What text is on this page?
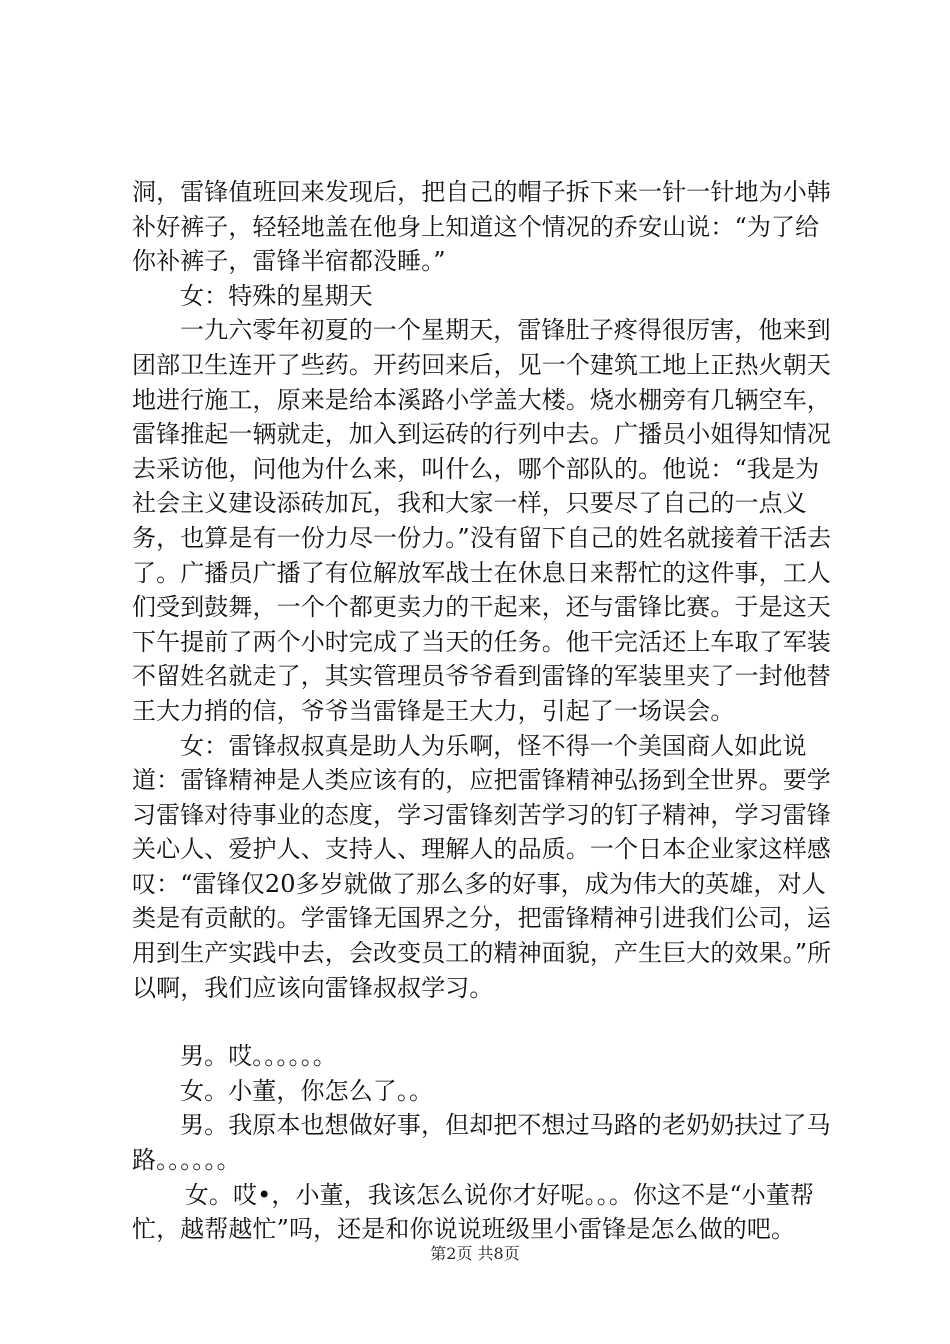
洞，雷锋值班回来发现后，把自己的帽子拆下来一针一针地为小韩补好裤子，轻轻地盖在他身上知道这个情况的乔安山说：“为了给你补裤子，雷锋半宿都没睡。”

女：特殊的星期天

一九六零年初夏的一个星期天，雷锋肚子疼得很厉害，他来到团部卫生连开了些药。开药回来后，见一个建筑工地上正热火朝天地进行施工，原来是给本溪路小学盖大楼。烧水棚旁有几辆空车，雷锋推起一辆就走，加入到运砖的行列中去。广播员小姐得知情况去采访他，问他为什么来，叫什么，哪个部队的。他说：“我是为社会主义建设添砖加瓦，我和大家一样，只要尽了自己的一点义务，也算是有一份力尽一份力。”没有留下自己的姓名就接着干活去了。广播员广播了有位解放军战士在休息日来帮忙的这件事，工人们受到鼓舞，一个个都更卖力的干起来，还与雷锋比赛。于是这天下午提前了两个小时完成了当天的任务。他干完活还上车取了军装不留姓名就走了，其实管理员爷爷看到雷锋的军装里夹了一封他替王大力捎的信，爷爷当雷锋是王大力，引起了一场误会。

女：雷锋叔叔真是助人为乐啊，怪不得一个美国商人如此说道：雷锋精神是人类应该有的，应把雷锋精神弘扬到全世界。要学习雷锋对待事业的态度，学习雷锋刻苦学习的钉子精神，学习雷锋关心人、爱护人、支持人、理解人的品质。一个日本企业家这样感叹：“雷锋仅20多岁就做了那么多的好事，成为伟大的英雄，对人类是有贡献的。学雷锋无国界之分，把雷锋精神引进我们公司，运用到生产实践中去，会改变员工的精神面貌，产生巨大的效果。”所以啊，我们应该向雷锋叔叔学习。

男。哎。。。。。。

女。小董，你怎么了。。

男。我原本也想做好事，但却把不想过马路的老奶奶扶过了马路。。。。。。

女。哎•，小董，我该怎么说你才好呢。。。你这不是“小董帮忙，越帮越忙”吗，还是和你说说班级里小雷锋是怎么做的吧。

第2页 共8页
